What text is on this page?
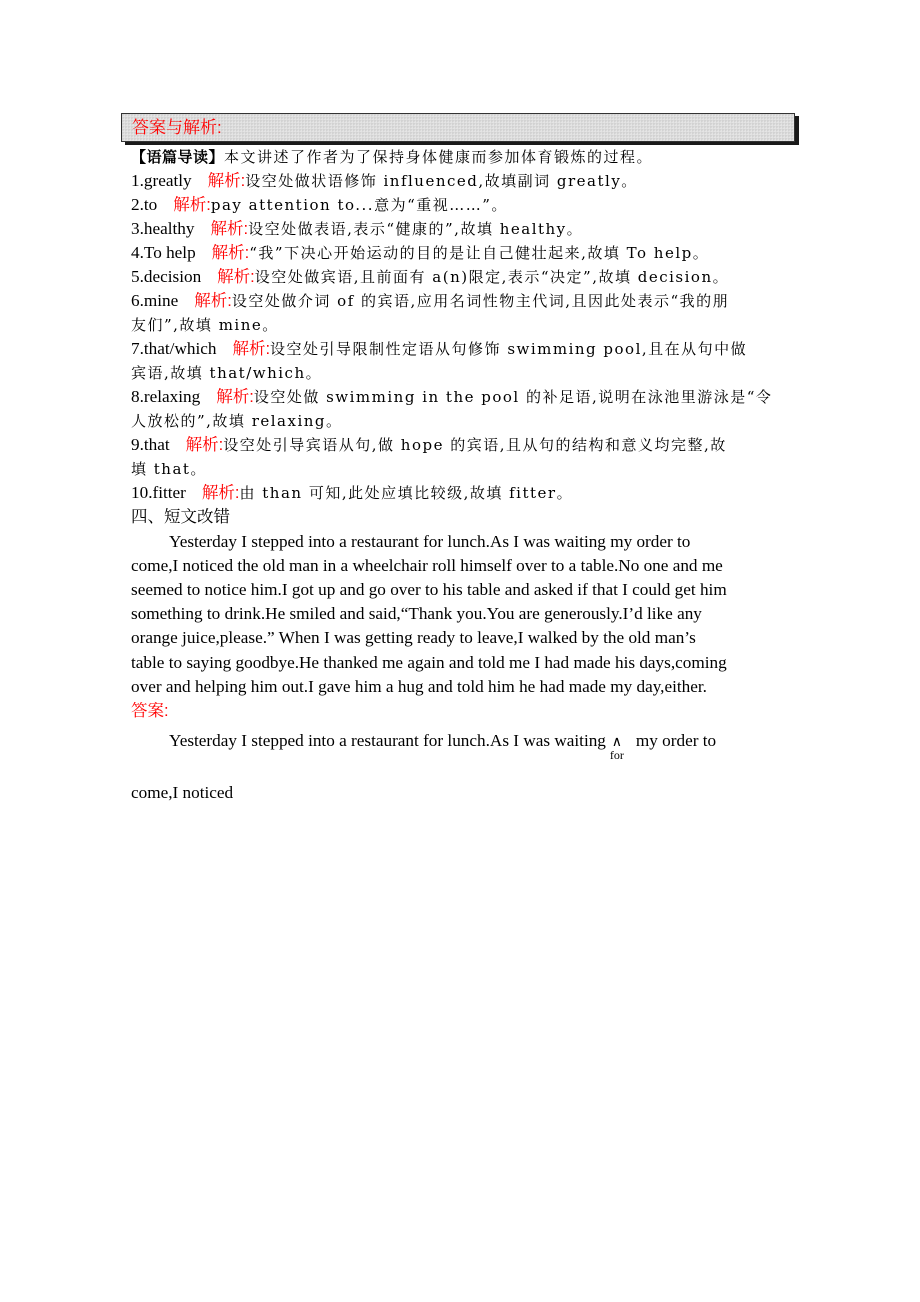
答案与解析:
【语篇导读】本文讲述了作者为了保持身体健康而参加体育锻炼的过程。
1.greatly 解析:设空处做状语修饰 influenced,故填副词 greatly。
2.to 解析:pay attention to...意为“重视……”。
3.healthy 解析:设空处做表语,表示“健康的”,故填 healthy。
4.To help 解析:“我”下决心开始运动的目的是让自己健壮起来,故填 To help。
5.decision 解析:设空处做宾语,且前面有 a(n)限定,表示“决定”,故填 decision。
6.mine 解析:设空处做介词 of 的宾语,应用名词性物主代词,且因此处表示“我的朋
友们”,故填 mine。
7.that/which 解析:设空处引导限制性定语从句修饰 swimming pool,且在从句中做
宾语,故填 that/which。
8.relaxing 解析:设空处做 swimming in the pool 的补足语,说明在泳池里游泳是“令
人放松的”,故填 relaxing。
9.that 解析:设空处引导宾语从句,做 hope 的宾语,且从句的结构和意义均完整,故
填 that。
10.fitter 解析:由 than 可知,此处应填比较级,故填 fitter。
四、短文改错
Yesterday I stepped into a restaurant for lunch.As I was waiting my order to
come,I noticed the old man in a wheelchair roll himself over to a table.No one and me
seemed to notice him.I got up and go over to his table and asked if that I could get him
something to drink.He smiled and said,“Thank you.You are generously.I’d like any
orange juice,please.” When I was getting ready to leave,I walked by the old man’s
table to saying goodbye.He thanked me again and told me I had made his days,coming
over and helping him out.I gave him a hug and told him he had made my day,either.
答案:
Yesterday I stepped into a restaurant for lunch.As I was waiting ∧
for
my order to
come,I noticed
